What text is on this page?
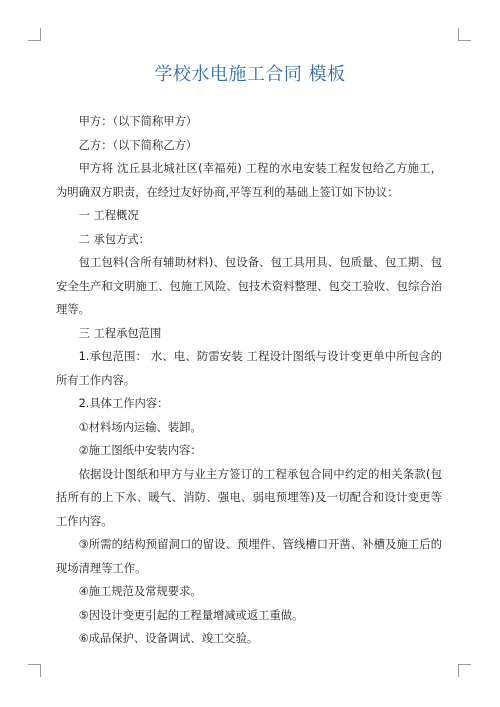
学校水电施工合同 模板

甲方：（以下简称甲方）

乙方：（以下简称乙方）

甲方将 沈丘县北城社区(幸福苑) 工程的水电安装工程发包给乙方施工，为明确双方职责，在经过友好协商,平等互利的基础上签订如下协议：

一 工程概况

二 承包方式：

包工包料(含所有辅助材料)、包设备、包工具用具、包质量、包工期、包安全生产和文明施工、包施工风险、包技术资料整理、包交工验收、包综合治理等。

三 工程承包范围

1.承包范围： 水、电、防雷安装 工程设计图纸与设计变更单中所包含的所有工作内容。

2.具体工作内容：

①材料场内运输、装卸。

②施工图纸中安装内容：

依据设计图纸和甲方与业主方签订的工程承包合同中约定的相关条款(包括所有的上下水、暖气、消防、强电、弱电预埋等)及一切配合和设计变更等工作内容。

③所需的结构预留洞口的留设、预埋件、管线槽口开凿、补槽及施工后的现场清理等工作。

④施工规范及常规要求。

⑤因设计变更引起的工程量增减或返工重做。

⑥成品保护、设备调试、竣工交验。
